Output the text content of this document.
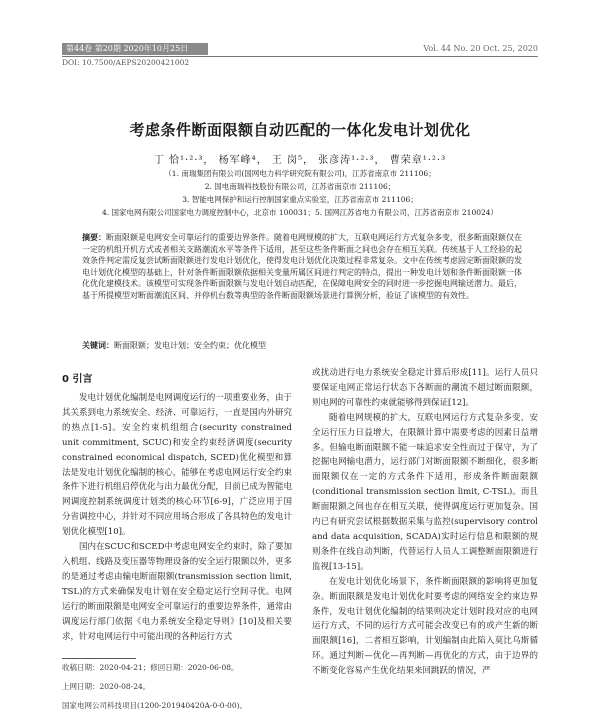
第44卷 第20期 2020年10月25日	Vol. 44 No. 20 Oct. 25, 2020
DOI: 10.7500/AEPS20200421002
考虑条件断面限额自动匹配的一体化发电计划优化
丁 恰¹·²·³， 杨军峰⁴， 王 岗⁵， 张彦涛¹·²·³， 曹荣章¹·²·³
（1. 南瑞集团有限公司(国网电力科学研究院有限公司)，江苏省南京市 211106；
2. 国电南瑞科技股份有限公司，江苏省南京市 211106；
3. 智能电网保护和运行控制国家重点实验室，江苏省南京市 211106；
4. 国家电网有限公司国家电力调度控制中心，北京市 100031；5. 国网江苏省电力有限公司，江苏省南京市 210024）
摘要：断面限额是电网安全可靠运行的重要边界条件。随着电网规模的扩大，互联电网运行方式复杂多变，很多断面限额仅在一定的机组开机方式或者相关支路潮流水平等条件下适用，甚至这些条件断面之间也会存在相互关联。传统基于人工经验的起效条件判定需反复尝试断面限额进行发电计划优化，使得发电计划优化决策过程非常复杂。文中在传统考虑固定断面限额的发电计划优化模型的基础上，针对条件断面限额依据相关变量所属区间进行判定的特点，提出一种发电计划和条件断面限额一体化优化建模技术。该模型可实现条件断面限额与发电计划自动匹配，在保障电网安全的同时进一步挖掘电网输送潜力。最后，基于所提模型对断面潮流区间、并停机台数等典型的条件断面限额场景进行算例分析，验证了该模型的有效性。
关键词：断面限额；发电计划；安全约束；优化模型
0 引言

发电计划优化编制是电网调度运行的一项重要业务，由于其关系到电力系统安全、经济、可靠运行，一直是国内外研究的热点[1-5]。安全约束机组组合(security constrained unit commitment, SCUC)和安全约束经济调度(security constrained economical dispatch, SCED)优化模型和算法是发电计划优化编制的核心，能够在考虑电网运行安全约束条件下进行机组启停优化与出力最优分配，目前已成为智能电网调度控制系统调度计划类的核心环节[6-9]，广泛应用于国分省调控中心，并针对不同应用场合形成了各具特色的发电计划优化模型[10]。

国内在SCUC和SCED中考虑电网安全约束时，除了要加入机组、线路及变压器等物理设备的安全运行限额以外，更多的是通过考虑由输电断面限额(transmission section limit, TSL)的方式来确保发电计划在安全稳定运行空间寻优。电网运行的断面限额是电网安全可靠运行的重要边界条件，通常由调度运行部门依据《电力系统安全稳定导则》[10]及相关要求，针对电网运行中可能出现的各种运行方式

或扰动进行电力系统安全稳定计算后形成[11]。运行人员只要保证电网正常运行状态下各断面的潮流不超过断面限额，则电网的可靠性约束就能够得到保证[12]。

随着电网规模的扩大，互联电网运行方式复杂多变，安全运行压力日益增大，在限额计算中需要考虑的因素日益增多。但输电断面限额不能一味追求安全性而过于保守，为了挖掘电网输电潜力，运行部门对断面限额不断细化，很多断面限额仅在一定的方式条件下适用，形成条件断面限额(conditional transmission section limit, C-TSL)。而且断面限额之间也存在相互关联，使得调度运行更加复杂。国内已有研究尝试根据数据采集与监控(supervisory control and data acquisition, SCADA)实时运行信息和限额的规则条件在线自动判断，代替运行人员人工调整断面限额进行监视[13-15]。

在发电计划优化场景下，条件断面限额的影响将更加复杂。断面限额是发电计划优化时要考虑的网络安全约束边界条件，发电计划优化编制的结果则决定计划时段对应的电网运行方式，不同的运行方式可能会改变已有的或产生新的断面限额[16]，二者相互影响，计划编制由此陷入莫比乌斯循环。通过判断—优化—再判断—再优化的方式，由于边界的不断变化容易产生优化结果来回跳跃的情况，严

收稿日期：2020-04-21；修回日期：2020-06-08。
上网日期：2020-08-24。
国家电网公司科技项目(1200-201940420A-0-0-00)。
